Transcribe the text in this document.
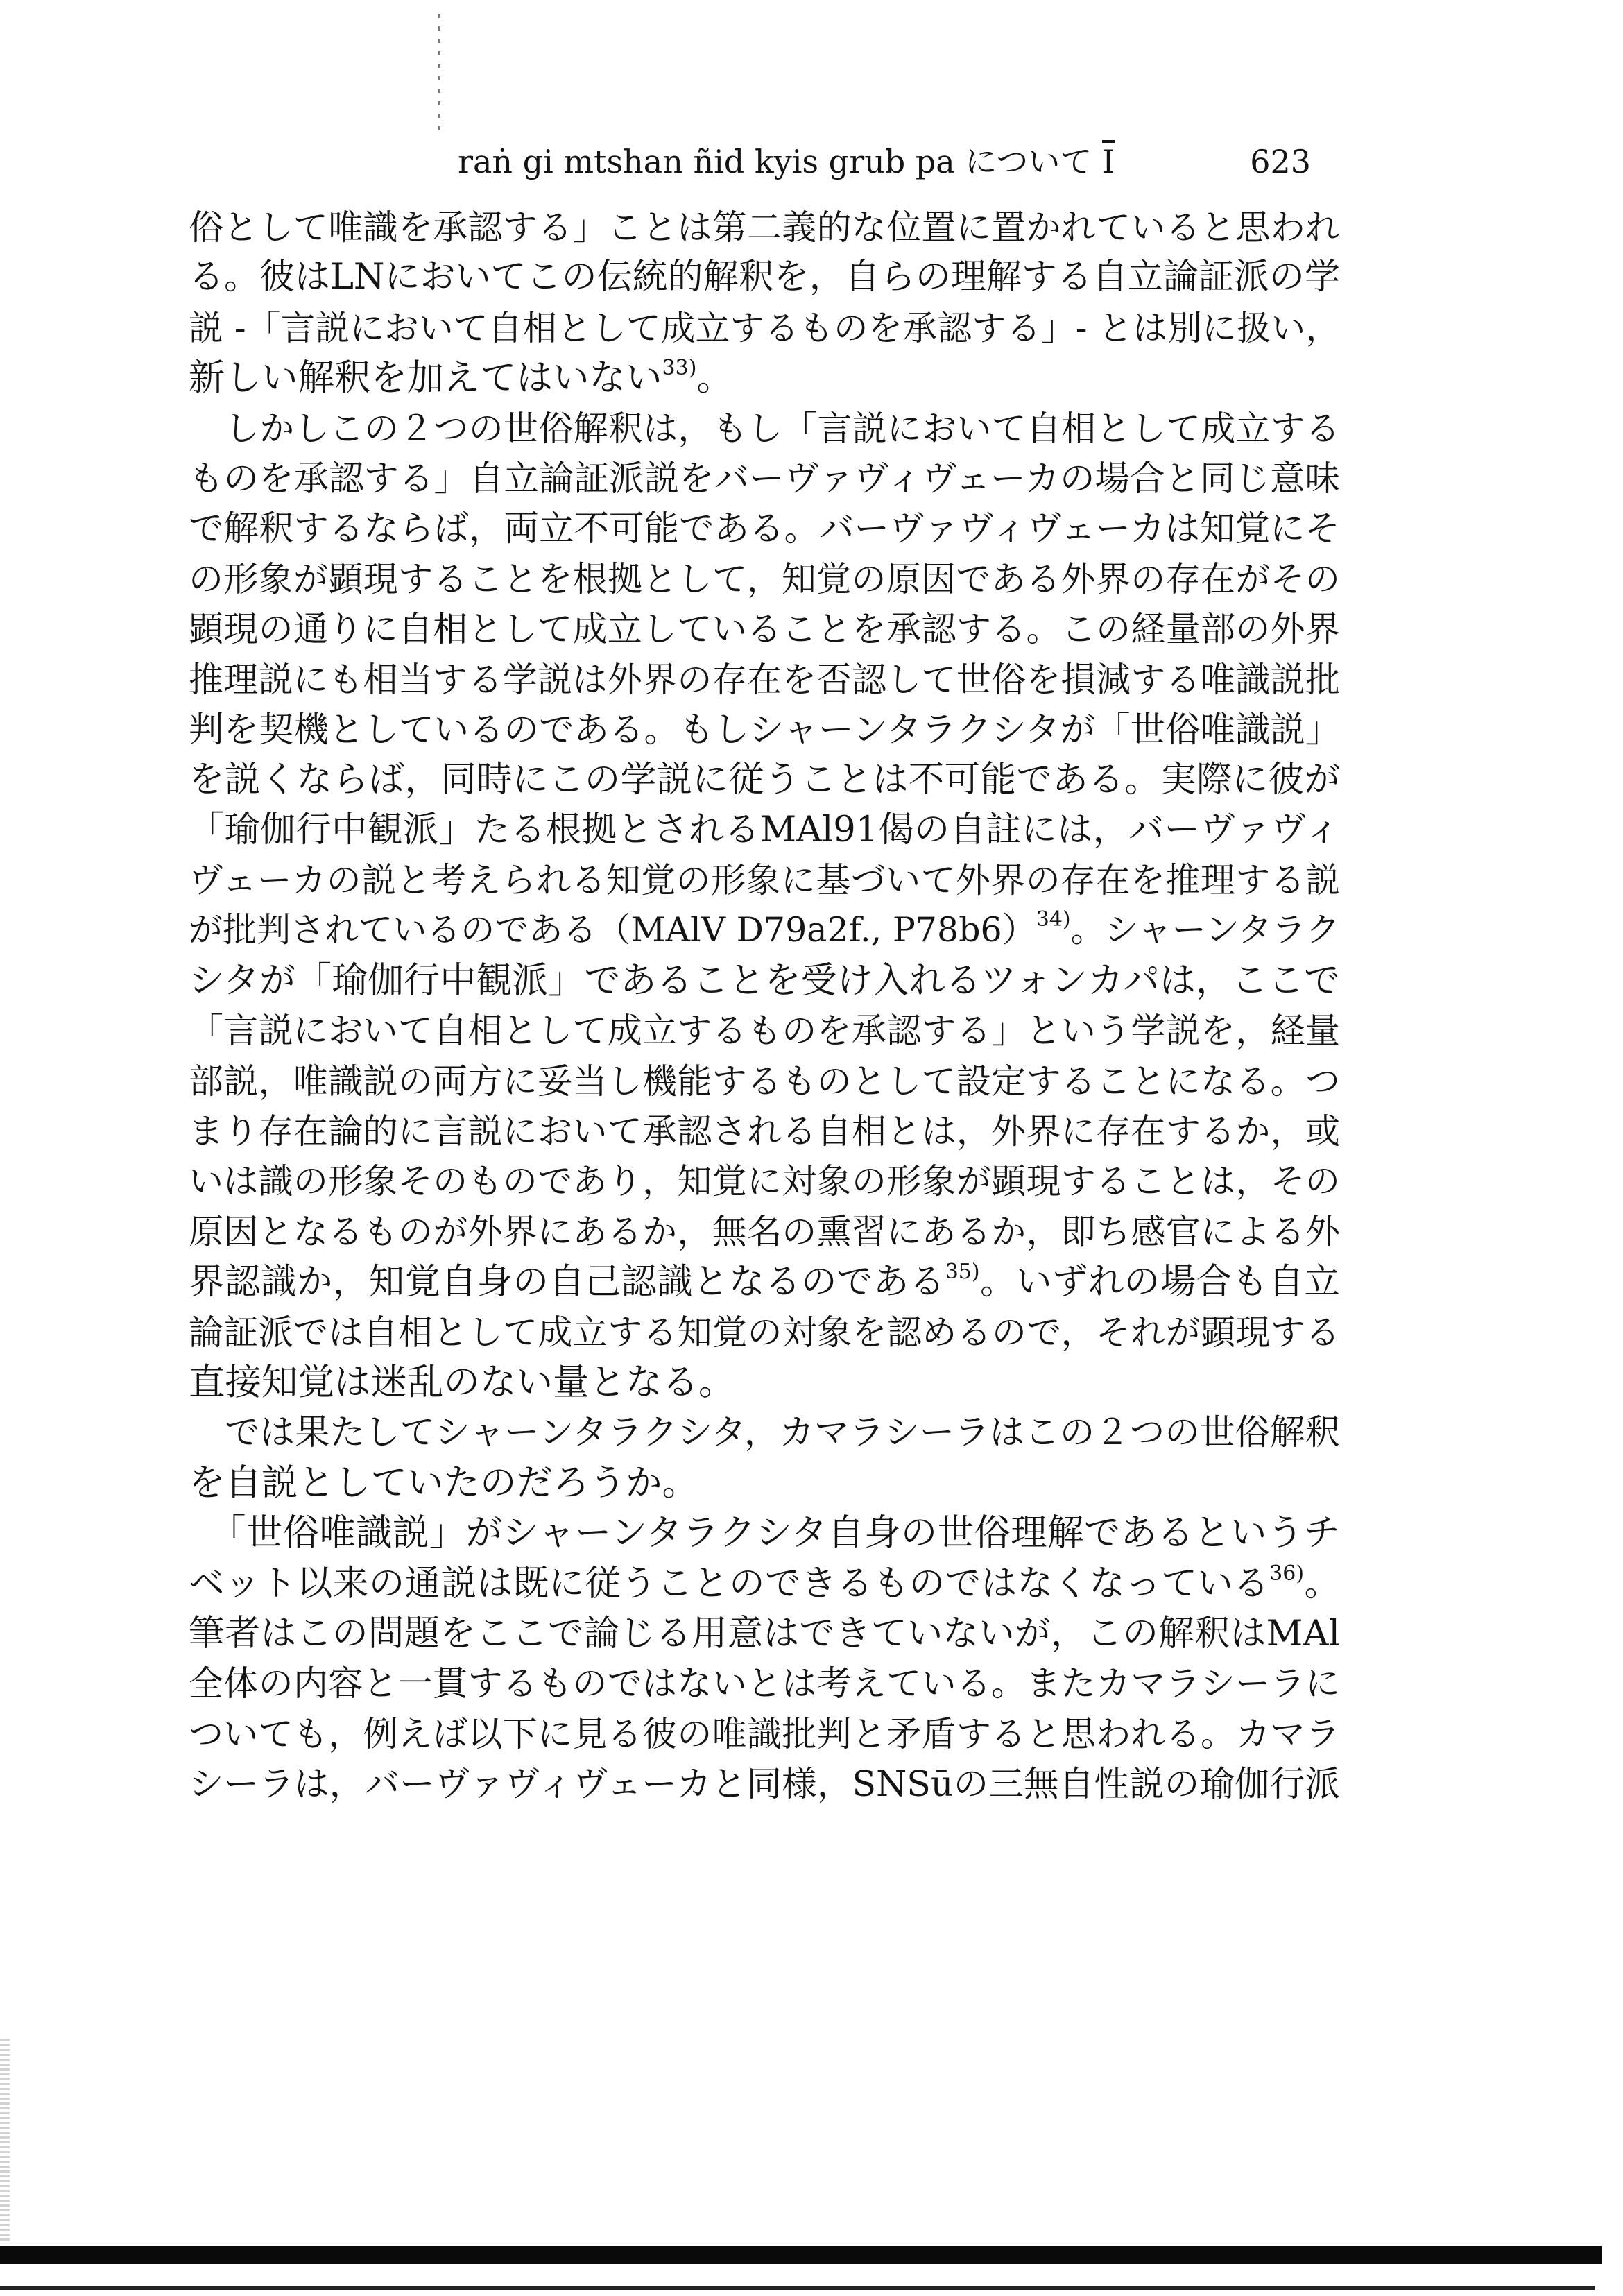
raṅ gi mtshan ñid kyis grub pa について $\overline{I}$	623
俗として唯識を承認する」ことは第二義的な位置に置かれていると思われ
る。彼はLNにおいてこの伝統的解釈を，自らの理解する自立論証派の学
説 -「言説において自相として成立するものを承認する」- とは別に扱い，
新しい解釈を加えてはいない$^{33)}$。
しかしこの２つの世俗解釈は，もし「言説において自相として成立する
ものを承認する」自立論証派説をバーヴァヴィヴェーカの場合と同じ意味
で解釈するならば，両立不可能である。バーヴァヴィヴェーカは知覚にそ
の形象が顕現することを根拠として，知覚の原因である外界の存在がその
顕現の通りに自相として成立していることを承認する。この経量部の外界
推理説にも相当する学説は外界の存在を否認して世俗を損減する唯識説批
判を契機としているのである。もしシャーンタラクシタが「世俗唯識説」
を説くならば，同時にこの学説に従うことは不可能である。実際に彼が
「瑜伽行中観派」たる根拠とされるMAl91偈の自註には，バーヴァヴィ
ヴェーカの説と考えられる知覚の形象に基づいて外界の存在を推理する説
が批判されているのである（MAlV D79a2f., P78b6）$^{34)}$。シャーンタラク
シタが「瑜伽行中観派」であることを受け入れるツォンカパは，ここで
「言説において自相として成立するものを承認する」という学説を，経量
部説，唯識説の両方に妥当し機能するものとして設定することになる。つ
まり存在論的に言説において承認される自相とは，外界に存在するか，或
いは識の形象そのものであり，知覚に対象の形象が顕現することは，その
原因となるものが外界にあるか，無名の熏習にあるか，即ち感官による外
界認識か，知覚自身の自己認識となるのである$^{35)}$。いずれの場合も自立
論証派では自相として成立する知覚の対象を認めるので，それが顕現する
直接知覚は迷乱のない量となる。
では果たしてシャーンタラクシタ，カマラシーラはこの２つの世俗解釈
を自説としていたのだろうか。
「世俗唯識説」がシャーンタラクシタ自身の世俗理解であるというチ
ベット以来の通説は既に従うことのできるものではなくなっている$^{36)}$。
筆者はこの問題をここで論じる用意はできていないが，この解釈はMAl
全体の内容と一貫するものではないとは考えている。またカマラシーラに
ついても，例えば以下に見る彼の唯識批判と矛盾すると思われる。カマラ
シーラは，バーヴァヴィヴェーカと同様，SNSūの三無自性説の瑜伽行派
